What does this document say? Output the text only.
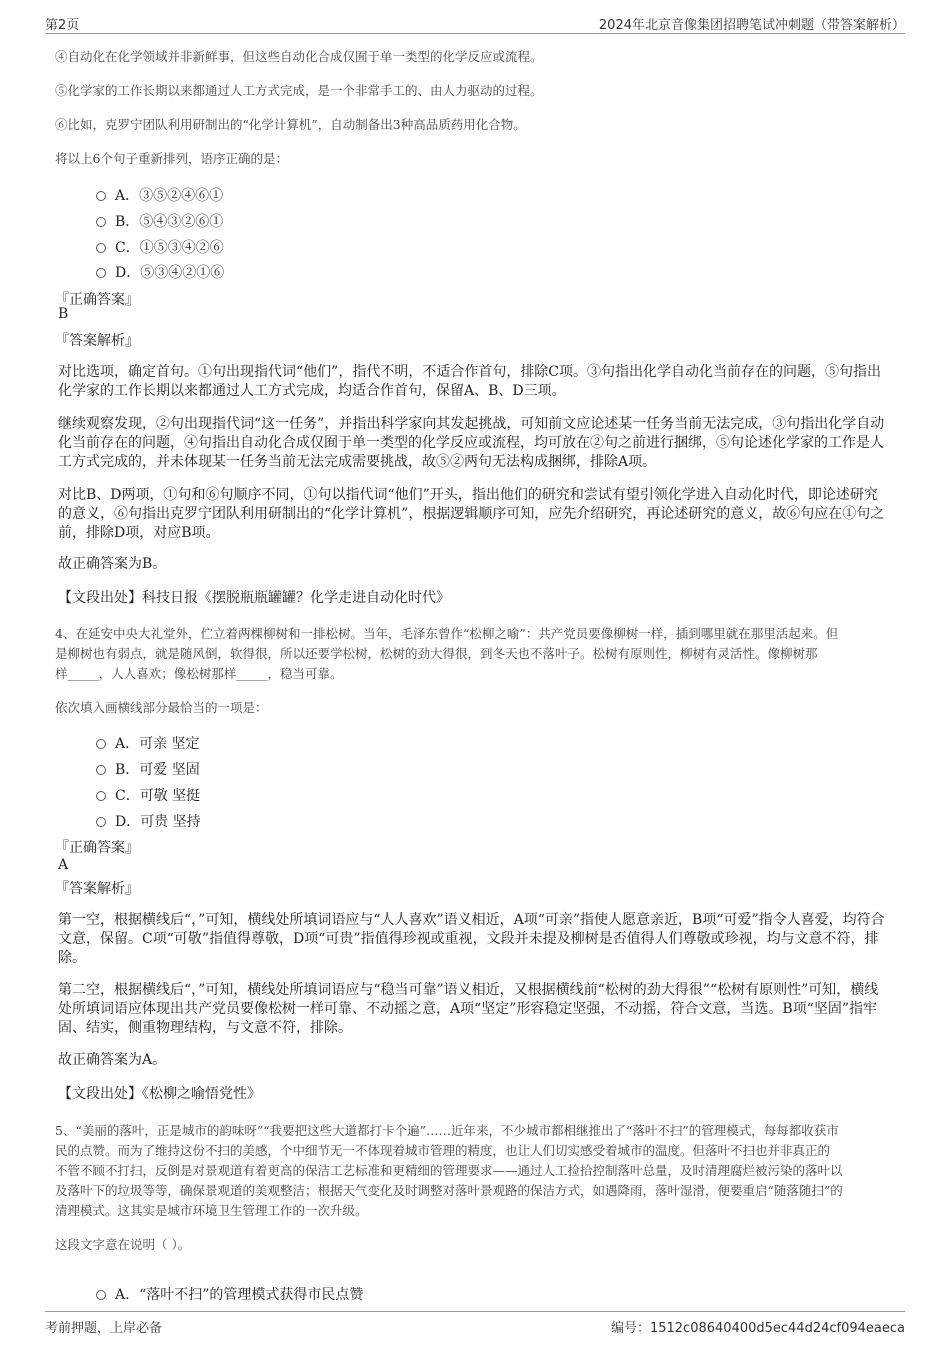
第2页	2024年北京音像集团招聘笔试冲刺题（带答案解析）
④自动化在化学领域并非新鲜事，但这些自动化合成仅囿于单一类型的化学反应或流程。
⑤化学家的工作长期以来都通过人工方式完成，是一个非常手工的、由人力驱动的过程。
⑥比如，克罗宁团队利用研制出的“化学计算机”，自动制备出3种高品质药用化合物。
将以上6个句子重新排列，语序正确的是：
A．③⑤②④⑥①
B．⑤④③②⑥①
C．①⑤③④②⑥
D．⑤③④②①⑥
『正确答案』
B
『答案解析』
对比选项，确定首句。①句出现指代词“他们”，指代不明，不适合作首句，排除C项。③句指出化学自动化当前存在的问题，⑤句指出化学家的工作长期以来都通过人工方式完成，均适合作首句，保留A、B、D三项。
继续观察发现，②句出现指代词“这一任务”，并指出科学家向其发起挑战，可知前文应论述某一任务当前无法完成，③句指出化学自动化当前存在的问题，④句指出自动化合成仅囿于单一类型的化学反应或流程，均可放在②句之前进行捆绑，⑤句论述化学家的工作是人工方式完成的，并未体现某一任务当前无法完成需要挑战，故⑤②两句无法构成捆绑，排除A项。
对比B、D两项，①句和⑥句顺序不同，①句以指代词“他们”开头，指出他们的研究和尝试有望引领化学进入自动化时代，即论述研究的意义，⑥句指出克罗宁团队利用研制出的“化学计算机”，根据逻辑顺序可知，应先介绍研究，再论述研究的意义，故⑥句应在①句之前，排除D项，对应B项。
故正确答案为B。
【文段出处】科技日报《摆脱瓶瓶罐罐？化学走进自动化时代》
4、在延安中央大礼堂外，伫立着两棵柳树和一排松树。当年，毛泽东曾作“松柳之喻”：共产党员要像柳树一样，插到哪里就在那里活起来。但
是柳树也有弱点，就是随风倒，软得很，所以还要学松树，松树的劲大得很，到冬天也不落叶子。松树有原则性，柳树有灵活性。像柳树那
样_____，人人喜欢；像松树那样_____，稳当可靠。
依次填入画横线部分最恰当的一项是：
A．可亲 坚定
B．可爱 坚固
C．可敬 坚挺
D．可贵 坚持
『正确答案』
A
『答案解析』
第一空，根据横线后“，”可知，横线处所填词语应与“人人喜欢”语义相近，A项“可亲”指使人愿意亲近，B项“可爱”指令人喜爱，均符合文意，保留。C项“可敬”指值得尊敬，D项“可贵”指值得珍视或重视，文段并未提及柳树是否值得人们尊敬或珍视，均与文意不符，排除。
第二空，根据横线后“，”可知，横线处所填词语应与“稳当可靠”语义相近，又根据横线前“松树的劲大得很”“松树有原则性”可知，横线处所填词语应体现出共产党员要像松树一样可靠、不动摇之意，A项“坚定”形容稳定坚强，不动摇，符合文意，当选。B项“坚固”指牢固、结实，侧重物理结构，与文意不符，排除。
故正确答案为A。
【文段出处】《松柳之喻悟党性》
5、“美丽的落叶，正是城市的韵味呀”“我要把这些大道都打卡个遍”……近年来，不少城市都相继推出了“落叶不扫”的管理模式，每每都收获市
民的点赞。而为了维持这份不扫的美感，个中细节无一不体现着城市管理的精度，也让人们切实感受着城市的温度。但落叶不扫也并非真正的
不管不顾不打扫，反倒是对景观道有着更高的保洁工艺标准和更精细的管理要求——通过人工捡拾控制落叶总量，及时清理腐烂被污染的落叶以
及落叶下的垃圾等等，确保景观道的美观整洁；根据天气变化及时调整对落叶景观路的保洁方式，如遇降雨，落叶湿滑，便要重启“随落随扫”的
清理模式。这其实是城市环境卫生管理工作的一次升级。
这段文字意在说明（ ）。
A．“落叶不扫”的管理模式获得市民点赞
考前押题，上岸必备	编号：1512c08640400d5ec44d24cf094eaeca
